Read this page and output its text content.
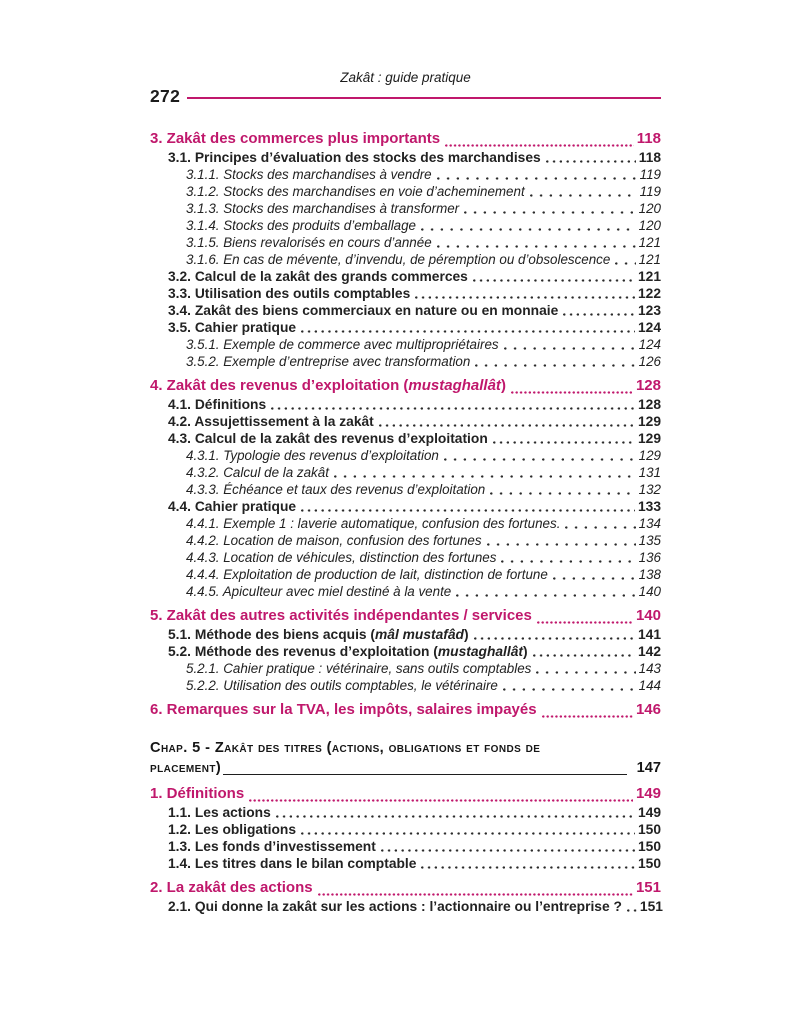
Zakât : guide pratique
272
3. Zakât des commerces plus importants	118
3.1. Principes d’évaluation des stocks des marchandises	118
3.1.1. Stocks des marchandises à vendre	119
3.1.2. Stocks des marchandises en voie d’acheminement	119
3.1.3. Stocks des marchandises à transformer	120
3.1.4. Stocks des produits d’emballage	120
3.1.5. Biens revalorisés en cours d’année	121
3.1.6. En cas de mévente, d’invendu, de péremption ou d’obsolescence 121
3.2. Calcul de la zakât des grands commerces	121
3.3. Utilisation des outils comptables	122
3.4. Zakât des biens commerciaux en nature ou en monnaie	123
3.5. Cahier pratique	124
3.5.1. Exemple de commerce avec multipropriétaires	124
3.5.2. Exemple d’entreprise avec transformation	126
4. Zakât des revenus d’exploitation (mustaghallât)	128
4.1. Définitions	128
4.2. Assujettissement à la zakât	129
4.3. Calcul de la zakât des revenus d’exploitation	129
4.3.1. Typologie des revenus d’exploitation	129
4.3.2. Calcul de la zakât	131
4.3.3. Échéance et taux des revenus d’exploitation	132
4.4. Cahier pratique	133
4.4.1. Exemple 1 : laverie automatique, confusion des fortunes.	134
4.4.2. Location de maison, confusion des fortunes	135
4.4.3. Location de véhicules, distinction des fortunes	136
4.4.4. Exploitation de production de lait, distinction de fortune	138
4.4.5. Apiculteur avec miel destiné à la vente	140
5. Zakât des autres activités indépendantes / services	140
5.1. Méthode des biens acquis (mâl mustafâd)	141
5.2. Méthode des revenus d’exploitation (mustaghallât)	142
5.2.1. Cahier pratique : vétérinaire, sans outils comptables	143
5.2.2. Utilisation des outils comptables, le vétérinaire	144
6. Remarques sur la TVA, les impôts, salaires impayés	146
Chap. 5 - Zakât des titres (actions, obligations et fonds de
placement)	147
1. Définitions	149
1.1. Les actions	149
1.2. Les obligations	150
1.3. Les fonds d’investissement	150
1.4. Les titres dans le bilan comptable	150
2. La zakât des actions	151
2.1. Qui donne la zakât sur les actions : l’actionnaire ou l’entreprise ? 151
